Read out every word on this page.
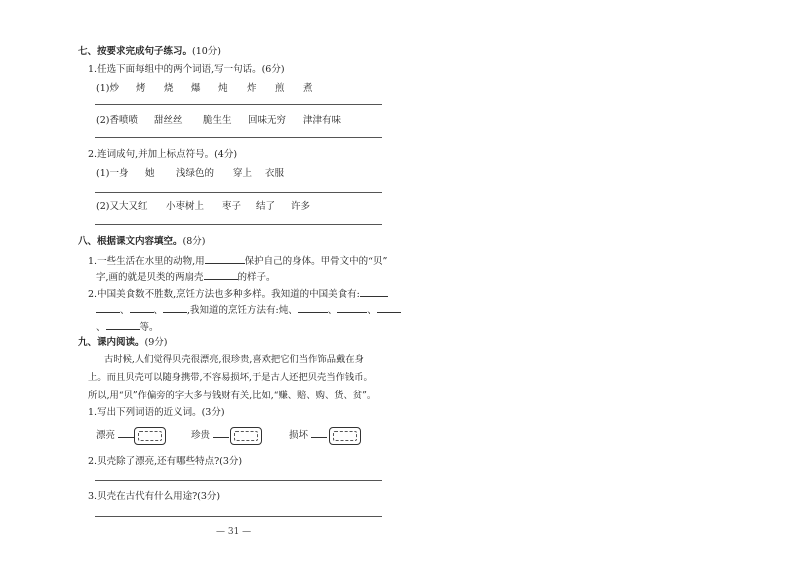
七、按要求完成句子练习。(10分)
1.任选下面每组中的两个词语,写一句话。(6分)
(1)炒 烤 烧 爆 炖 炸 煎 煮
(2)香喷喷 甜丝丝 脆生生 回味无穷 津津有味
2.连词成句,并加上标点符号。(4分)
(1)一身 她 浅绿色的 穿上 衣服
(2)又大又红 小枣树上 枣子 结了 许多
八、根据课文内容填空。(8分)
1.一些生活在水里的动物,用	保护自己的身体。甲骨文中的“贝”
字,画的就是贝类的两扇壳	的样子。
2.中国美食数不胜数,烹饪方法也多种多样。我知道的中国美食有:
、	、	,我知道的烹饪方法有:炖、	、	、
、	等。
九、课内阅读。(9分)
古时候,人们觉得贝壳很漂亮,很珍贵,喜欢把它们当作饰品戴在身
上。而且贝壳可以随身携带,不容易损坏,于是古人还把贝壳当作钱币。
所以,用“贝”作偏旁的字大多与钱财有关,比如,“赚、赔、购、货、贫”。
1.写出下列词语的近义词。(3分)
漂亮	珍贵	损坏
2.贝壳除了漂亮,还有哪些特点?(3分)
3.贝壳在古代有什么用途?(3分)
— 31 —
